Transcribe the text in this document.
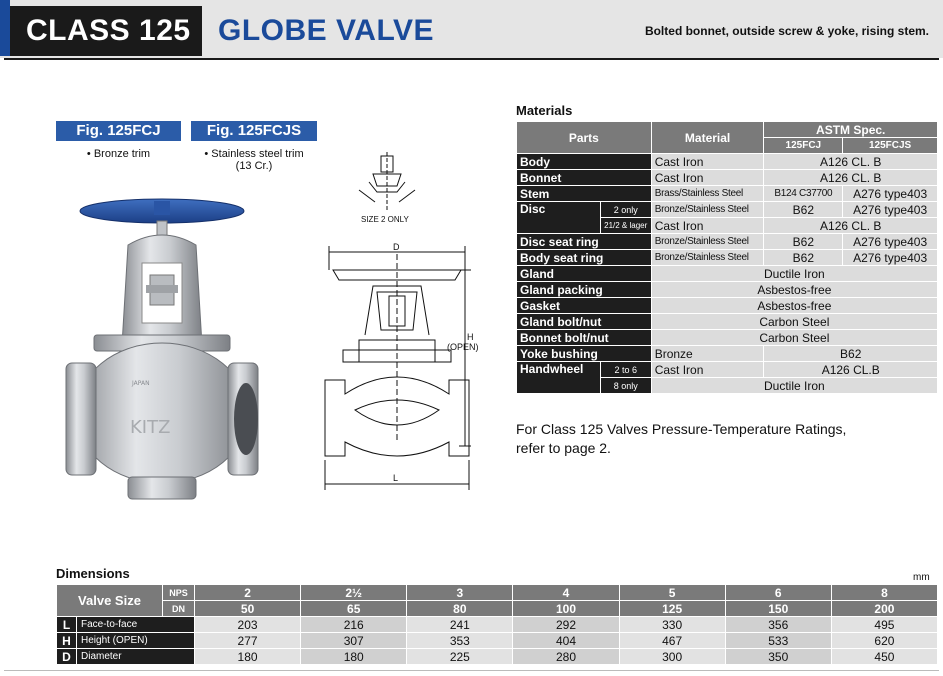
CLASS 125 GLOBE VALVE	Bolted bonnet, outside screw & yoke, rising stem.
Fig. 125FCJ	Fig. 125FCJS
• Bronze trim	• Stainless steel trim
(13 Cr.)
KITZ
JAPAN
SIZE 2 ONLY
D
H
(OPEN)
L
Materials
Parts		Material	ASTM Spec.	
			125FCJ	125FCJS
Body		Cast Iron	A126 CL. B	
Bonnet		Cast Iron	A126 CL. B	
Stem		Brass/Stainless Steel	B124 C37700	A276 type403
Disc	2 only	Bronze/Stainless Steel	B62	A276 type403
	21/2 & lager	Cast Iron	A126 CL. B	
Disc seat ring		Bronze/Stainless Steel	B62	A276 type403
Body seat ring		Bronze/Stainless Steel	B62	A276 type403
Gland		Ductile Iron		
Gland packing		Asbestos-free		
Gasket		Asbestos-free		
Gland bolt/nut		Carbon Steel		
Bonnet bolt/nut		Carbon Steel		
Yoke bushing		Bronze	B62	
Handwheel	2 to 6	Cast Iron	A126 CL.B	
	8 only	Ductile Iron		
For Class 125 Valves Pressure-Temperature Ratings,
refer to page 2.
Dimensions	mm
Valve Size		NPS	2	2½	3	4	5	6	8
		DN	50	65	80	100	125	150	200
L	Face-to-face		203	216	241	292	330	356	495
H	Height (OPEN)		277	307	353	404	467	533	620
D	Diameter		180	180	225	280	300	350	450
